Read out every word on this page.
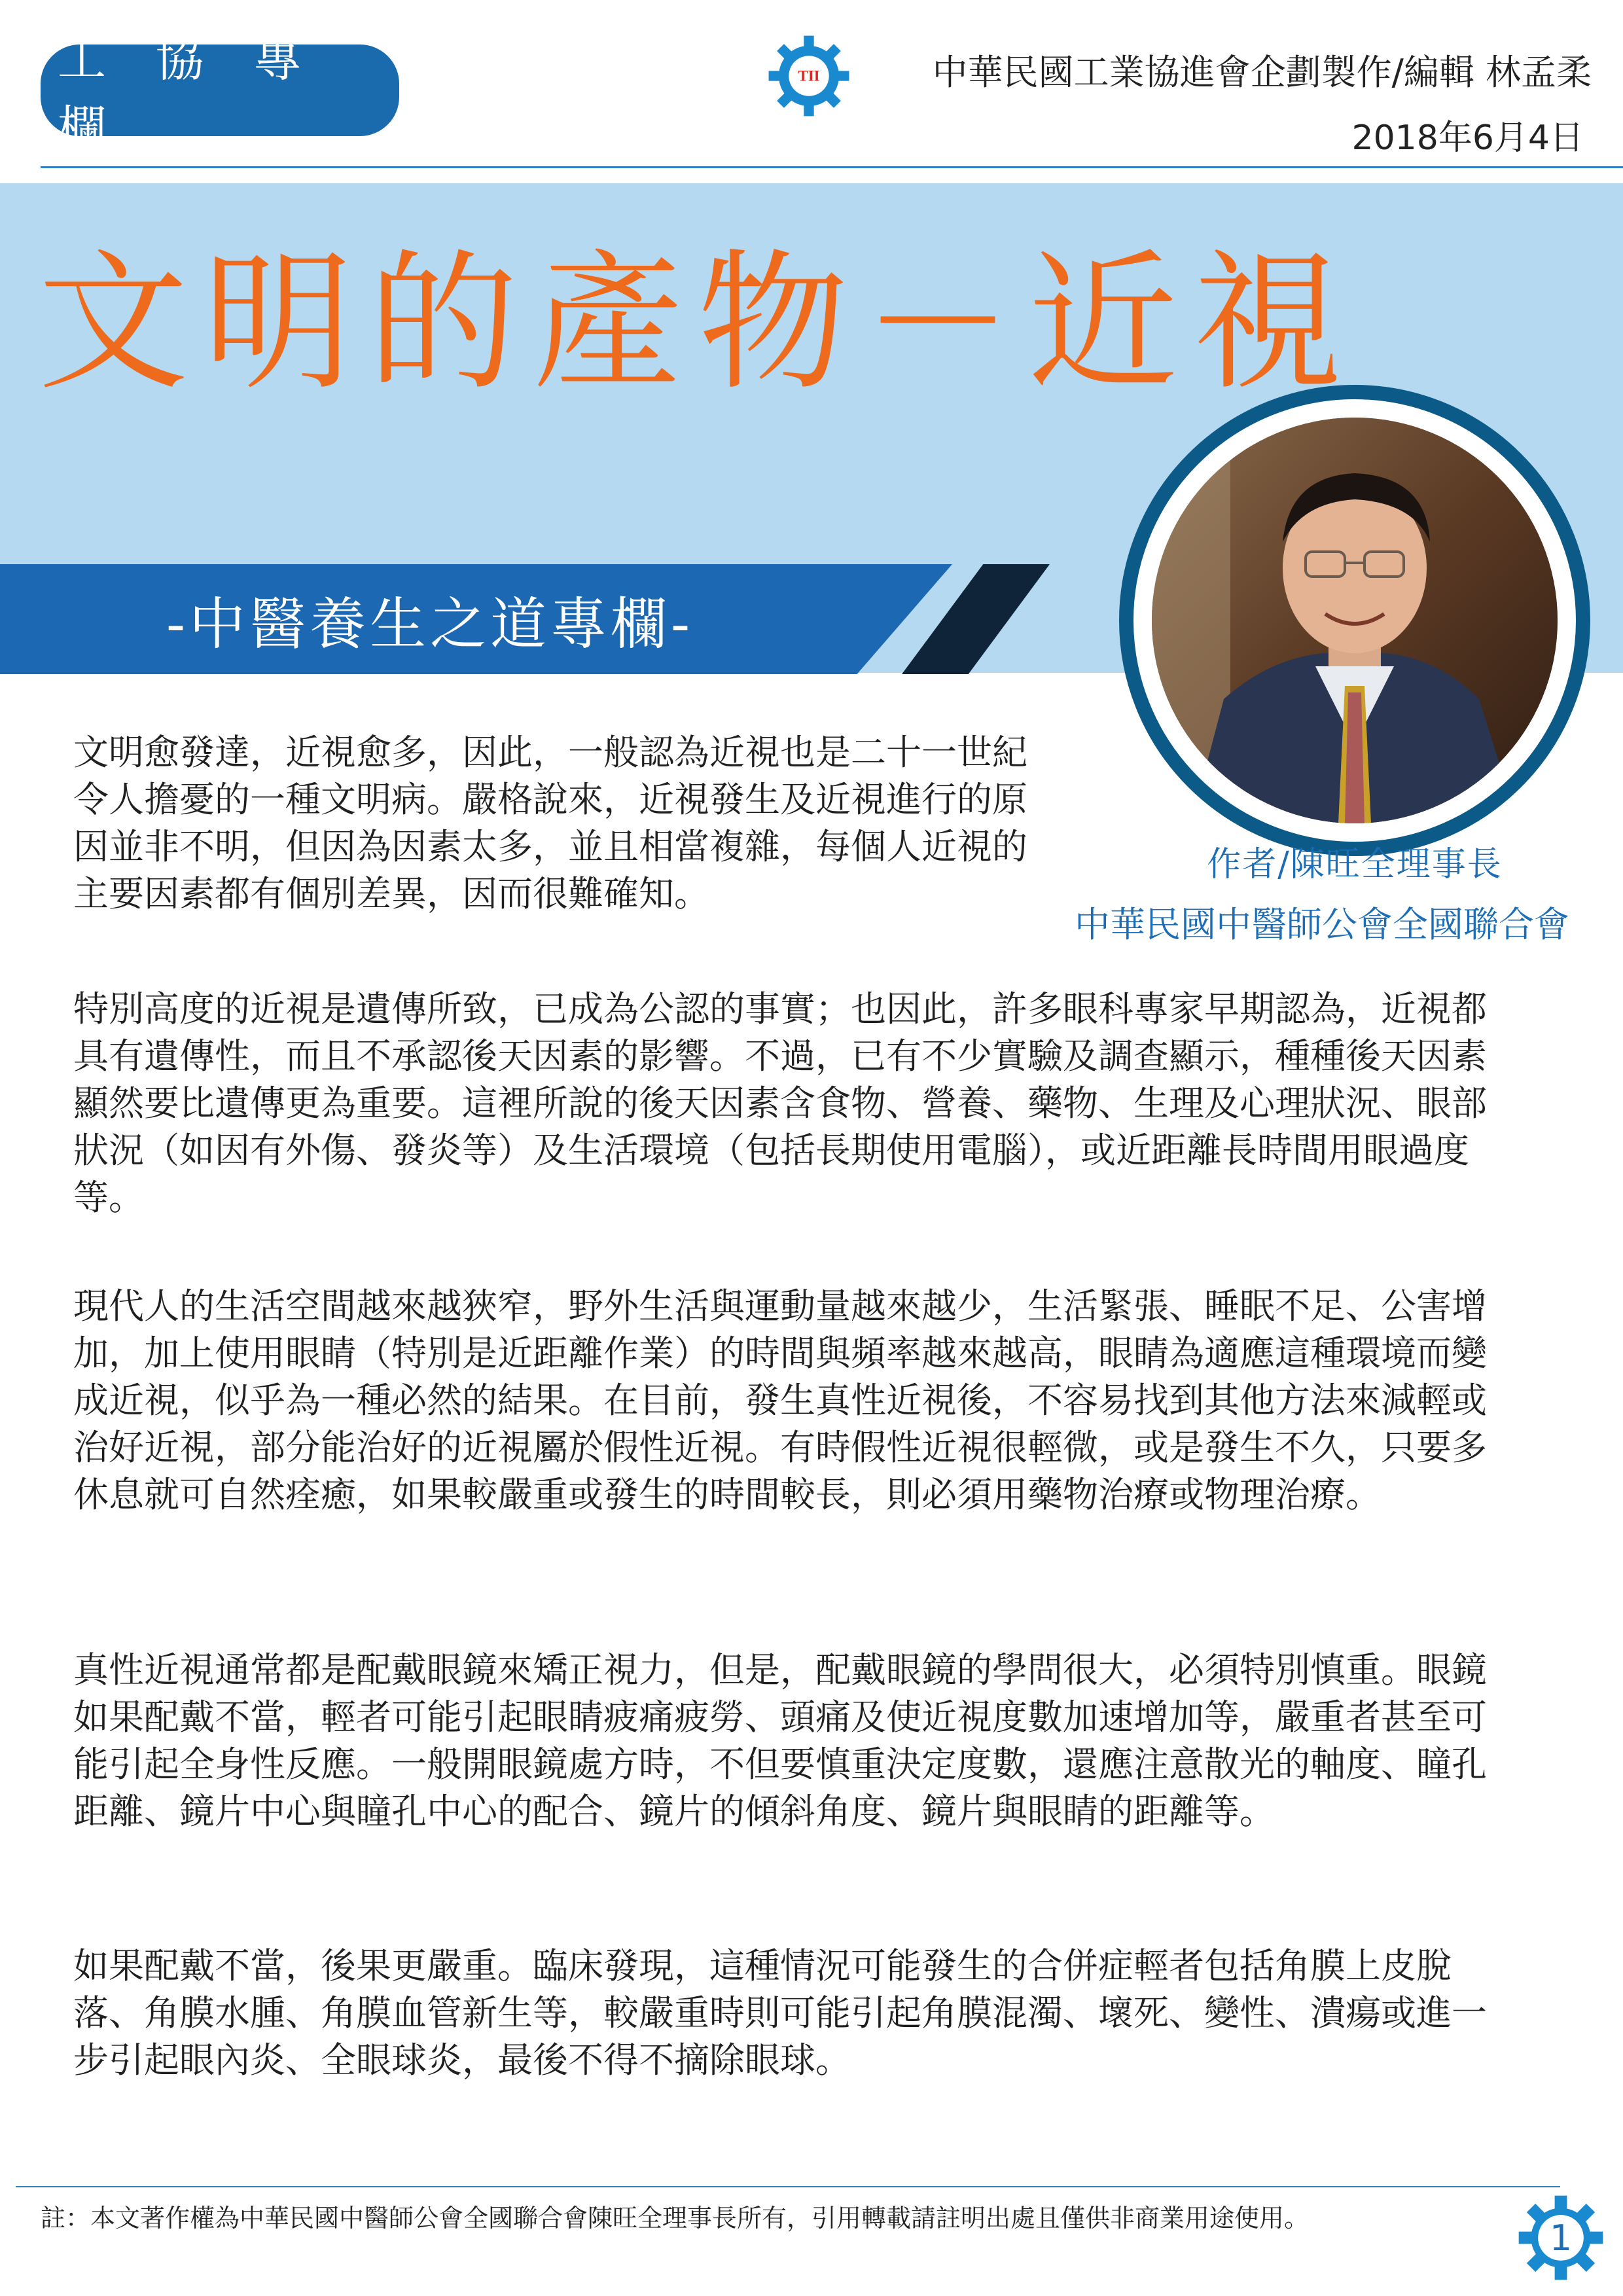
工 協 專 欄
TII	中華民國工業協進會企劃製作/編輯 林孟柔
2018年6月4日
文明的產物－近視
-中醫養生之道專欄-
作者/陳旺全理事長
中華民國中醫師公會全國聯合會

文明愈發達，近視愈多，因此，一般認為近視也是二十一世紀令人擔憂的一種文明病。嚴格說來，近視發生及近視進行的原因並非不明，但因為因素太多，並且相當複雜，每個人近視的主要因素都有個別差異，因而很難確知。

特別高度的近視是遺傳所致，已成為公認的事實；也因此，許多眼科專家早期認為，近視都具有遺傳性，而且不承認後天因素的影響。不過，已有不少實驗及調查顯示，種種後天因素顯然要比遺傳更為重要。這裡所說的後天因素含食物、營養、藥物、生理及心理狀況、眼部狀況（如因有外傷、發炎等）及生活環境（包括長期使用電腦），或近距離長時間用眼過度等。

現代人的生活空間越來越狹窄，野外生活與運動量越來越少，生活緊張、睡眠不足、公害增加，加上使用眼睛（特別是近距離作業）的時間與頻率越來越高，眼睛為適應這種環境而變成近視，似乎為一種必然的結果。在目前，發生真性近視後，不容易找到其他方法來減輕或治好近視，部分能治好的近視屬於假性近視。有時假性近視很輕微，或是發生不久，只要多休息就可自然痊癒，如果較嚴重或發生的時間較長，則必須用藥物治療或物理治療。

真性近視通常都是配戴眼鏡來矯正視力，但是，配戴眼鏡的學問很大，必須特別慎重。眼鏡如果配戴不當，輕者可能引起眼睛疲痛疲勞、頭痛及使近視度數加速增加等，嚴重者甚至可能引起全身性反應。一般開眼鏡處方時，不但要慎重決定度數，還應注意散光的軸度、瞳孔距離、鏡片中心與瞳孔中心的配合、鏡片的傾斜角度、鏡片與眼睛的距離等。

如果配戴不當，後果更嚴重。臨床發現，這種情況可能發生的合併症輕者包括角膜上皮脫落、角膜水腫、角膜血管新生等，較嚴重時則可能引起角膜混濁、壞死、變性、潰瘍或進一步引起眼內炎、全眼球炎，最後不得不摘除眼球。

註：本文著作權為中華民國中醫師公會全國聯合會陳旺全理事長所有，引用轉載請註明出處且僅供非商業用途使用。	1
